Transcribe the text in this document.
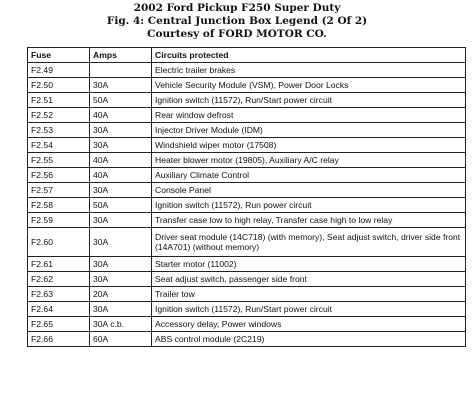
2002 Ford Pickup F250 Super Duty
Fig. 4: Central Junction Box Legend (2 Of 2)
Courtesy of FORD MOTOR CO.
Fuse	Amps	Circuits protected
F2.49		Electric trailer brakes
F2.50	30A	Vehicle Security Module (VSM), Power Door Locks
F2.51	50A	Ignition switch (11572), Run/Start power circuit
F2.52	40A	Rear window defrost
F2.53	30A	Injector Driver Module (IDM)
F2.54	30A	Windshield wiper motor (17508)
F2.55	40A	Heater blower motor (19805), Auxiliary A/C relay
F2.56	40A	Auxiliary Climate Control
F2.57	30A	Console Panel
F2.58	50A	Ignition switch (11572), Run power circuit
F2.59	30A	Transfer case low to high relay, Transfer case high to low relay
F2.60	30A	Driver seat module (14C718) (with memory), Seat adjust switch, driver side front (14A701) (without memory)
F2.61	30A	Starter motor (11002)
F2.62	30A	Seat adjust switch, passenger side front
F2.63	20A	Trailer tow
F2.64	30A	Ignition switch (11572), Run/Start power circuit
F2.65	30A c.b.	Accessory delay, Power windows
F2.66	60A	ABS control module (2C219)
